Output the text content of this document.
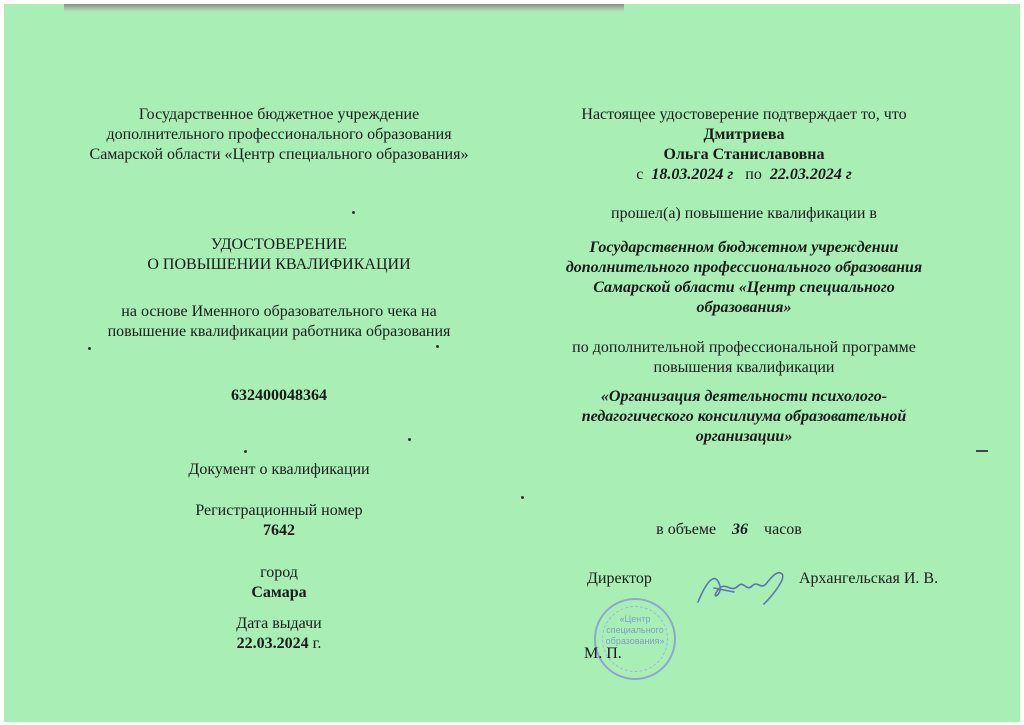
Государственное бюджетное учреждение
дополнительного профессионального образования
Самарской области «Центр специального образования»
УДОСТОВЕРЕНИЕ
О ПОВЫШЕНИИ КВАЛИФИКАЦИИ
на основе Именного образовательного чека на
повышение квалификации работника образования
632400048364
Документ о квалификации
Регистрационный номер
7642
город
Самара
Дата выдачи
22.03.2024 г.
Настоящее удостоверение подтверждает то, что
Дмитриева
Ольга Станиславовна
с 18.03.2024 г по 22.03.2024 г
прошел(а) повышение квалификации в
Государственном бюджетном учреждении
дополнительного профессионального образования
Самарской области «Центр специального
образования»
по дополнительной профессиональной программе
повышения квалификации
«Организация деятельности психолого-
педагогического консилиума образовательной
организации»
в объеме 36 часов
Директор	Архангельская И. В.
«Центр
специального
образования»
М. П.
